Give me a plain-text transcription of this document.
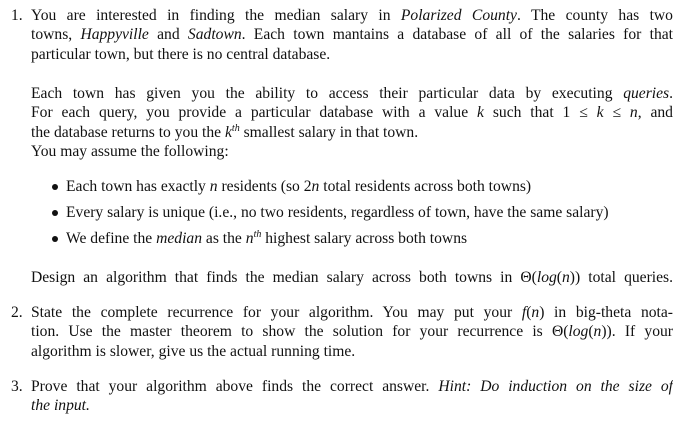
1. You are interested in finding the median salary in Polarized County. The county has two
towns, Happyville and Sadtown. Each town mantains a database of all of the salaries for that
particular town, but there is no central database.
Each town has given you the ability to access their particular data by executing queries.
For each query, you provide a particular database with a value k such that 1 ≤ k ≤ n, and
the database returns to you the $k^{th}$ smallest salary in that town.
You may assume the following:
Each town has exactly n residents (so 2n total residents across both towns)
Every salary is unique (i.e., no two residents, regardless of town, have the same salary)
We define the median as the $n^{th}$ highest salary across both towns
Design an algorithm that finds the median salary across both towns in Θ(log(n)) total queries.
2. State the complete recurrence for your algorithm. You may put your f(n) in big-theta nota-
tion. Use the master theorem to show the solution for your recurrence is Θ(log(n)). If your
algorithm is slower, give us the actual running time.
3. Prove that your algorithm above finds the correct answer. Hint: Do induction on the size of
the input.
